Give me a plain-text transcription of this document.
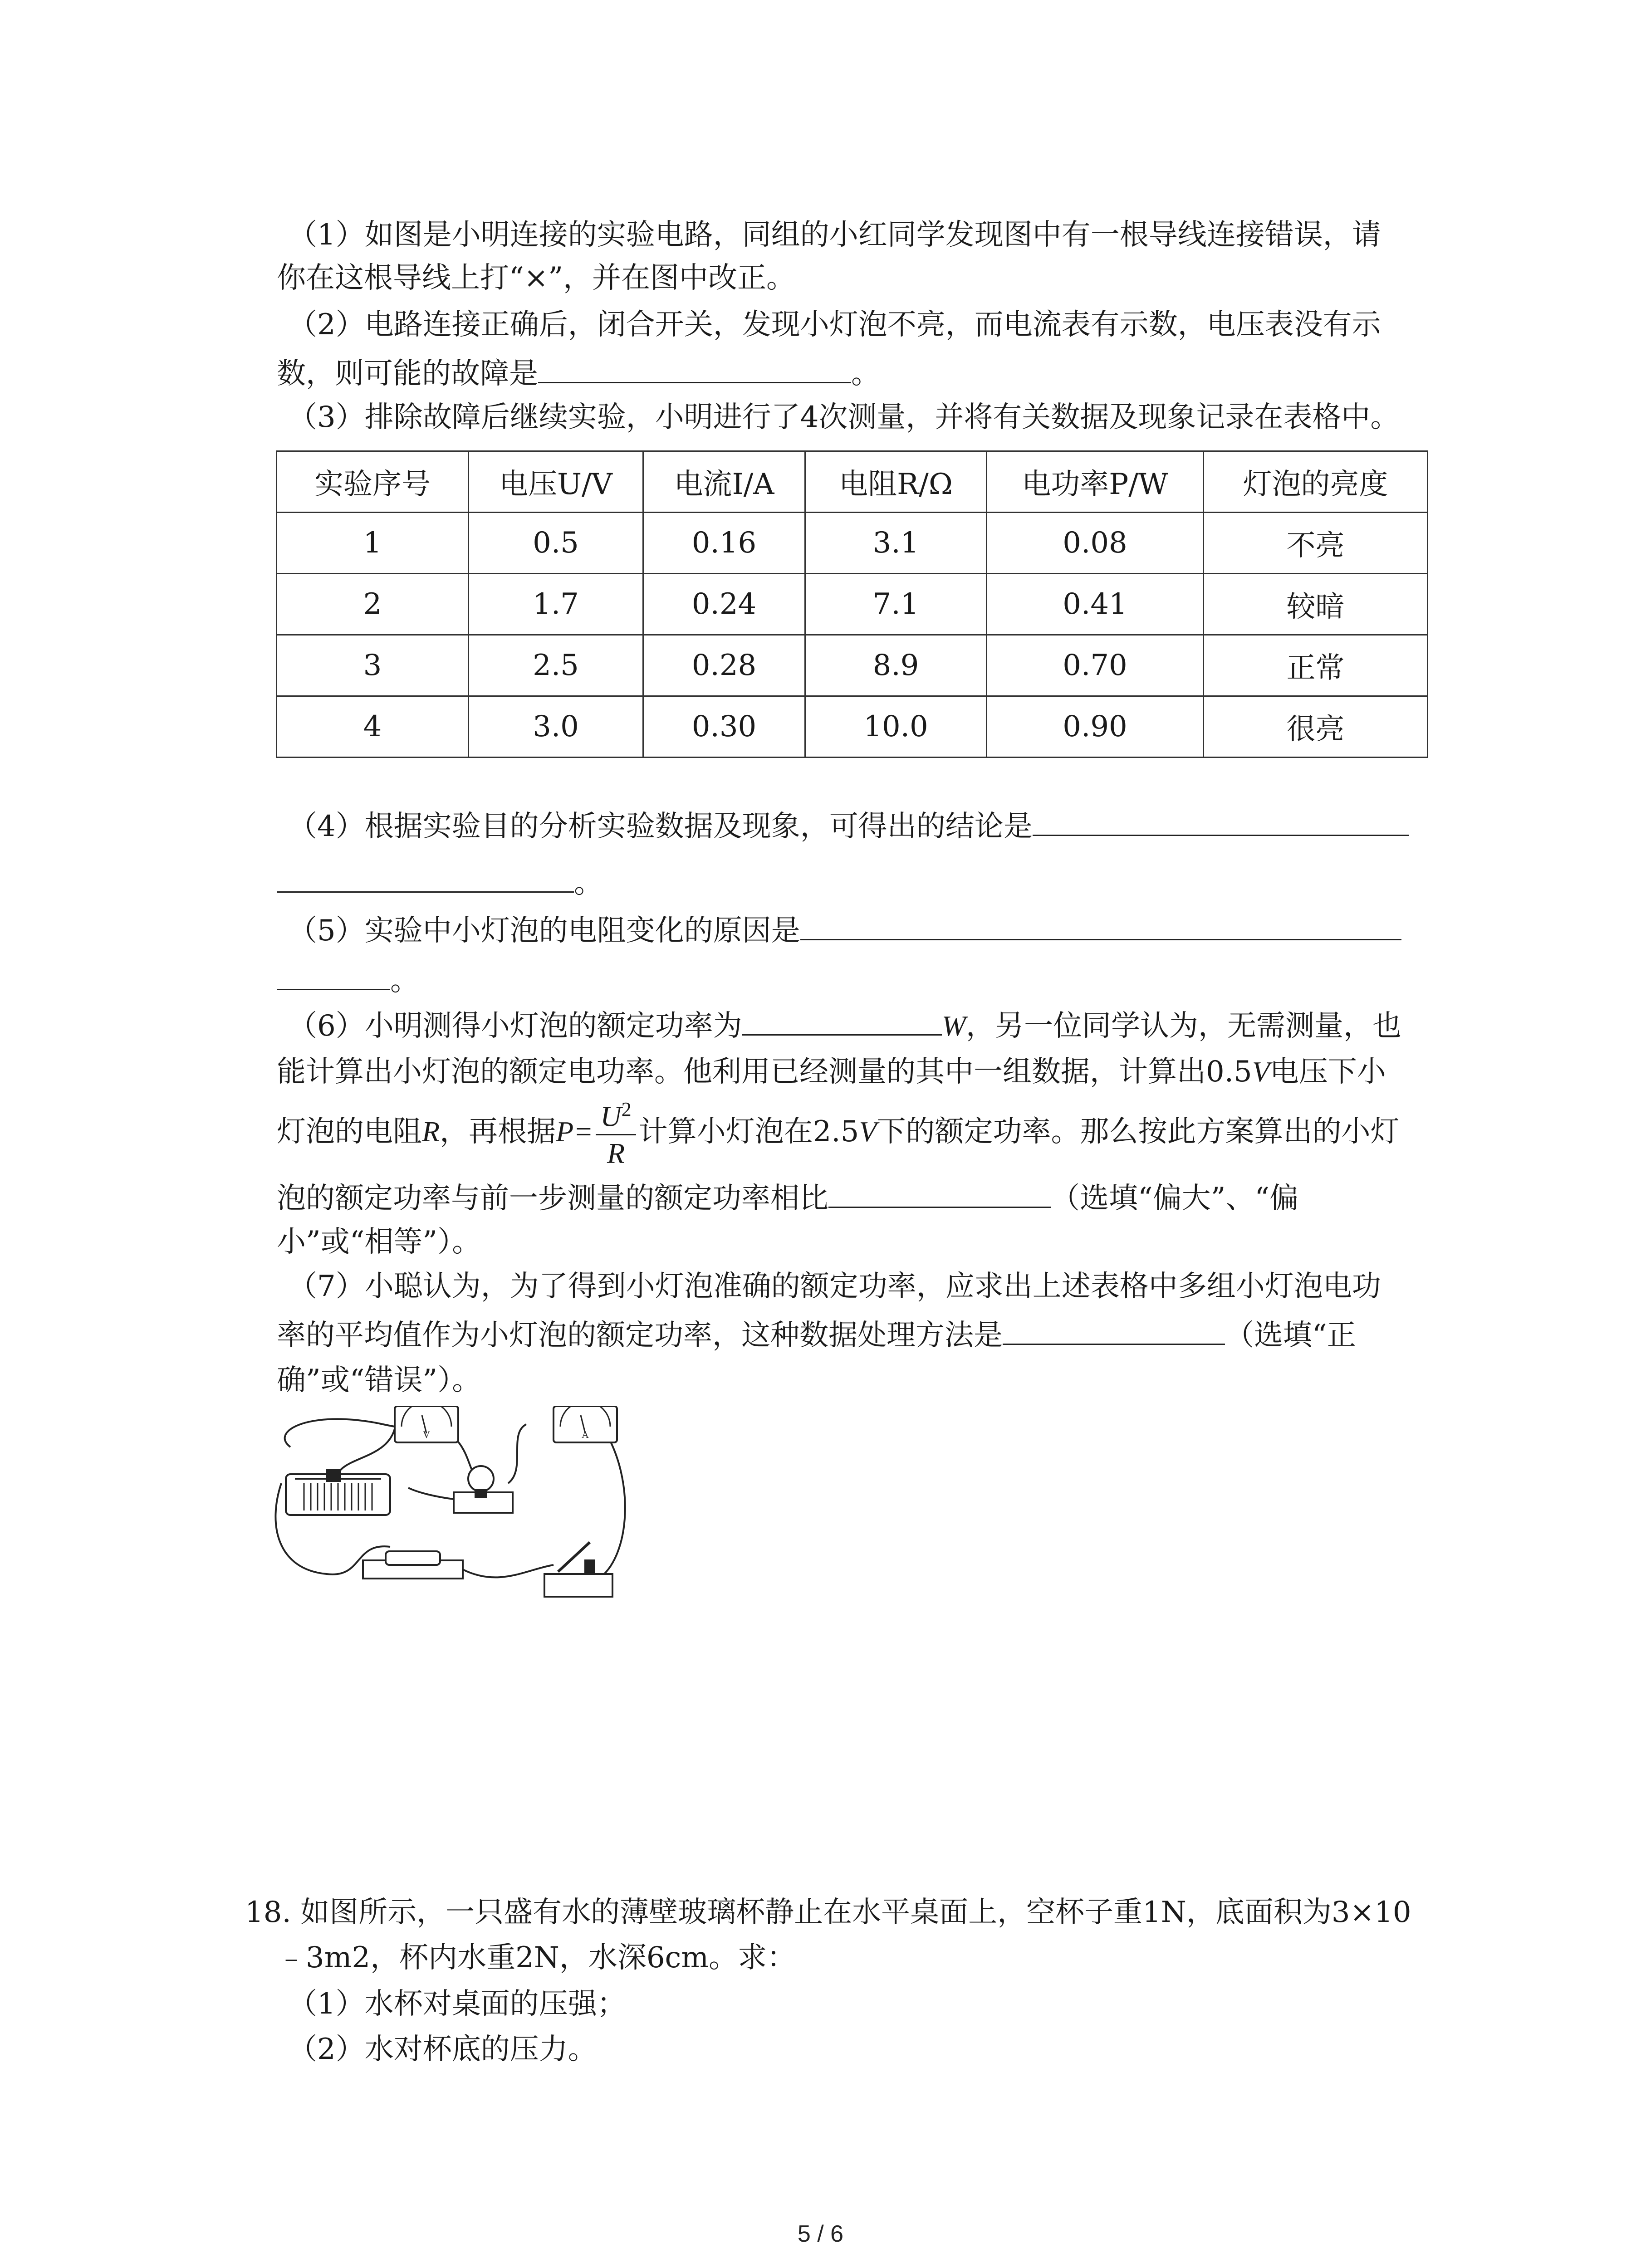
（1）如图是小明连接的实验电路，同组的小红同学发现图中有一根导线连接错误，请
你在这根导线上打“×”，并在图中改正。
（2）电路连接正确后，闭合开关，发现小灯泡不亮，而电流表有示数，电压表没有示
数，则可能的故障是	。
（3）排除故障后继续实验，小明进行了4次测量，并将有关数据及现象记录在表格中。
实验序号	电压U/V	电流I/A	电阻R/Ω	电功率P/W	灯泡的亮度
1	0.5	0.16	3.1	0.08	不亮
2	1.7	0.24	7.1	0.41	较暗
3	2.5	0.28	8.9	0.70	正常
4	3.0	0.30	10.0	0.90	很亮
（4）根据实验目的分析实验数据及现象，可得出的结论是
。
（5）实验中小灯泡的电阻变化的原因是
。
（6）小明测得小灯泡的额定功率为	W，另一位同学认为，无需测量，也
能计算出小灯泡的额定电功率。他利用已经测量的其中一组数据，计算出0.5V电压下小
灯泡的电阻R，再根据$P= \frac{U^2}{R}$ 计算小灯泡在2.5V下的额定功率。那么按此方案算出的小灯
泡的额定功率与前一步测量的额定功率相比	（选填“偏大”、“偏
小”或“相等”）。
（7）小聪认为，为了得到小灯泡准确的额定功率，应求出上述表格中多组小灯泡电功
率的平均值作为小灯泡的额定功率，这种数据处理方法是	（选填“正
确”或“错误”）。
V	A
18. 如图所示，一只盛有水的薄壁玻璃杯静止在水平桌面上，空杯子重1N，底面积为3×10
﹣3m2，杯内水重2N，水深6cm。求：
（1）水杯对桌面的压强；
（2）水对杯底的压力。
5 / 6
